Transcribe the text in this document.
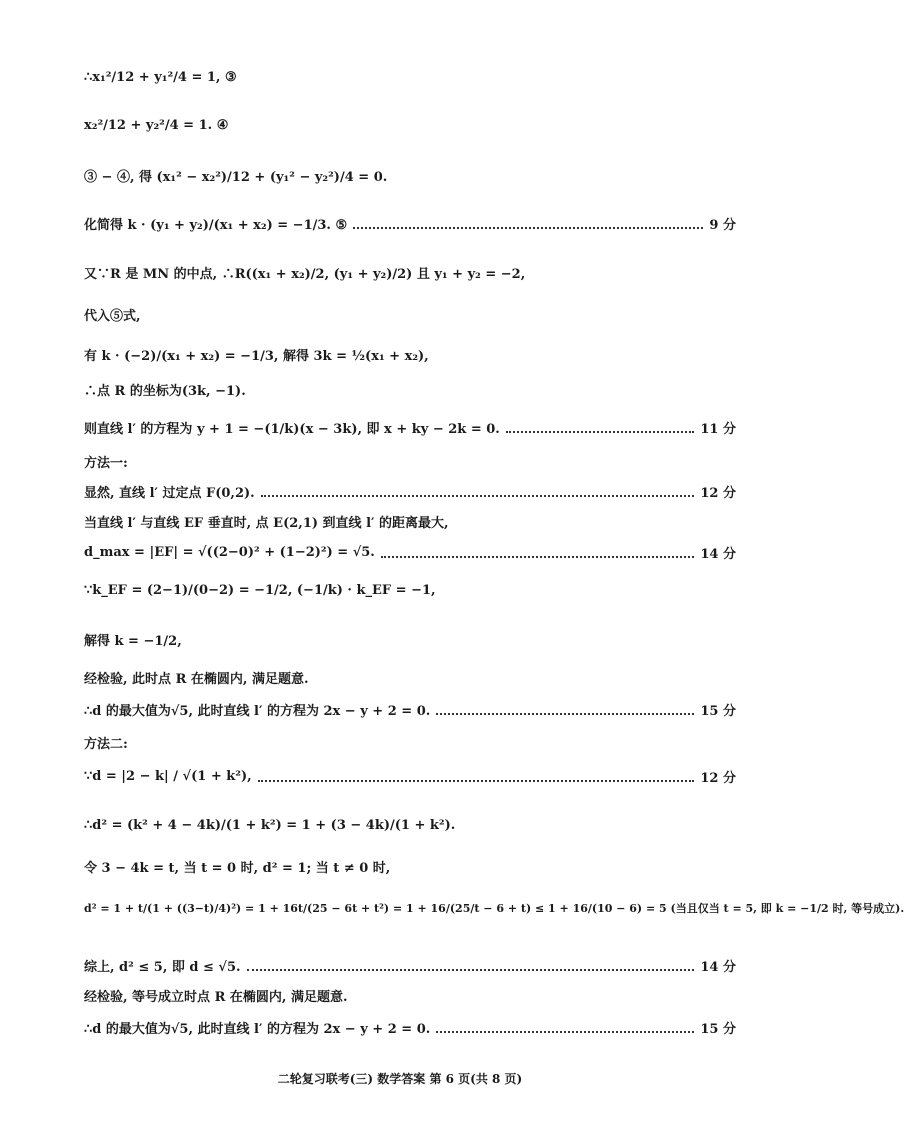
∴x₁²/12 + y₁²/4 = 1, ③
x₂²/12 + y₂²/4 = 1. ④
③ − ④, 得 (x₁² − x₂²)/12 + (y₁² − y₂²)/4 = 0.
化简得 k · (y₁ + y₂)/(x₁ + x₂) = −1/3. ⑤	9 分
又∵R 是 MN 的中点, ∴R((x₁ + x₂)/2, (y₁ + y₂)/2) 且 y₁ + y₂ = −2,
代入⑤式,
有 k · (−2)/(x₁ + x₂) = −1/3, 解得 3k = ½(x₁ + x₂),
∴点 R 的坐标为(3k, −1).
则直线 l′ 的方程为 y + 1 = −(1/k)(x − 3k), 即 x + ky − 2k = 0.	11 分
方法一:
显然, 直线 l′ 过定点 F(0,2).	12 分
当直线 l′ 与直线 EF 垂直时, 点 E(2,1) 到直线 l′ 的距离最大,
d_max = |EF| = √((2−0)² + (1−2)²) = √5.	14 分
∵k_EF = (2−1)/(0−2) = −1/2, (−1/k) · k_EF = −1,
解得 k = −1/2,
经检验, 此时点 R 在椭圆内, 满足题意.
∴d 的最大值为√5, 此时直线 l′ 的方程为 2x − y + 2 = 0.	15 分
方法二:
∵d = |2 − k| / √(1 + k²),	12 分
∴d² = (k² + 4 − 4k)/(1 + k²) = 1 + (3 − 4k)/(1 + k²).
令 3 − 4k = t, 当 t = 0 时, d² = 1; 当 t ≠ 0 时,
d² = 1 + t/(1 + ((3−t)/4)²) = 1 + 16t/(25 − 6t + t²) = 1 + 16/(25/t − 6 + t) ≤ 1 + 16/(10 − 6) = 5 (当且仅当 t = 5, 即 k = −1/2 时, 等号成立).
综上, d² ≤ 5, 即 d ≤ √5.	14 分
经检验, 等号成立时点 R 在椭圆内, 满足题意.
∴d 的最大值为√5, 此时直线 l′ 的方程为 2x − y + 2 = 0.	15 分
二轮复习联考(三) 数学答案 第 6 页(共 8 页)
